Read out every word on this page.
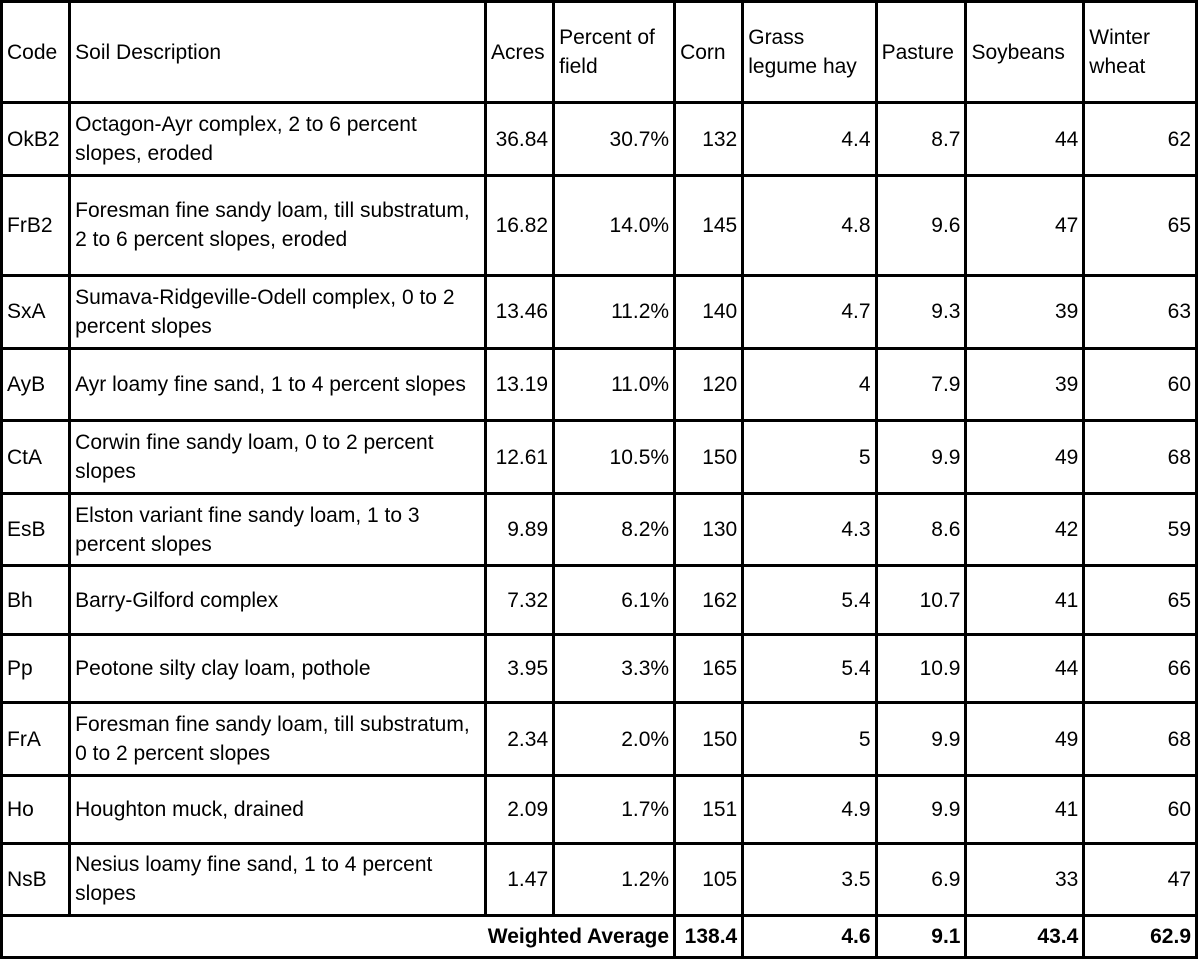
Code	Soil Description	Acres	Percent of field	Corn	Grass legume hay	Pasture	Soybeans	Winter wheat
OkB2	Octagon-Ayr complex, 2 to 6 percent slopes, eroded	36.84	30.7%	132	4.4	8.7	44	62
FrB2	Foresman fine sandy loam, till substratum, 2 to 6 percent slopes, eroded	16.82	14.0%	145	4.8	9.6	47	65
SxA	Sumava-Ridgeville-Odell complex, 0 to 2 percent slopes	13.46	11.2%	140	4.7	9.3	39	63
AyB	Ayr loamy fine sand, 1 to 4 percent slopes	13.19	11.0%	120	4	7.9	39	60
CtA	Corwin fine sandy loam, 0 to 2 percent slopes	12.61	10.5%	150	5	9.9	49	68
EsB	Elston variant fine sandy loam, 1 to 3 percent slopes	9.89	8.2%	130	4.3	8.6	42	59
Bh	Barry-Gilford complex	7.32	6.1%	162	5.4	10.7	41	65
Pp	Peotone silty clay loam, pothole	3.95	3.3%	165	5.4	10.9	44	66
FrA	Foresman fine sandy loam, till substratum, 0 to 2 percent slopes	2.34	2.0%	150	5	9.9	49	68
Ho	Houghton muck, drained	2.09	1.7%	151	4.9	9.9	41	60
NsB	Nesius loamy fine sand, 1 to 4 percent slopes	1.47	1.2%	105	3.5	6.9	33	47
Weighted Average				138.4	4.6	9.1	43.4	62.9
